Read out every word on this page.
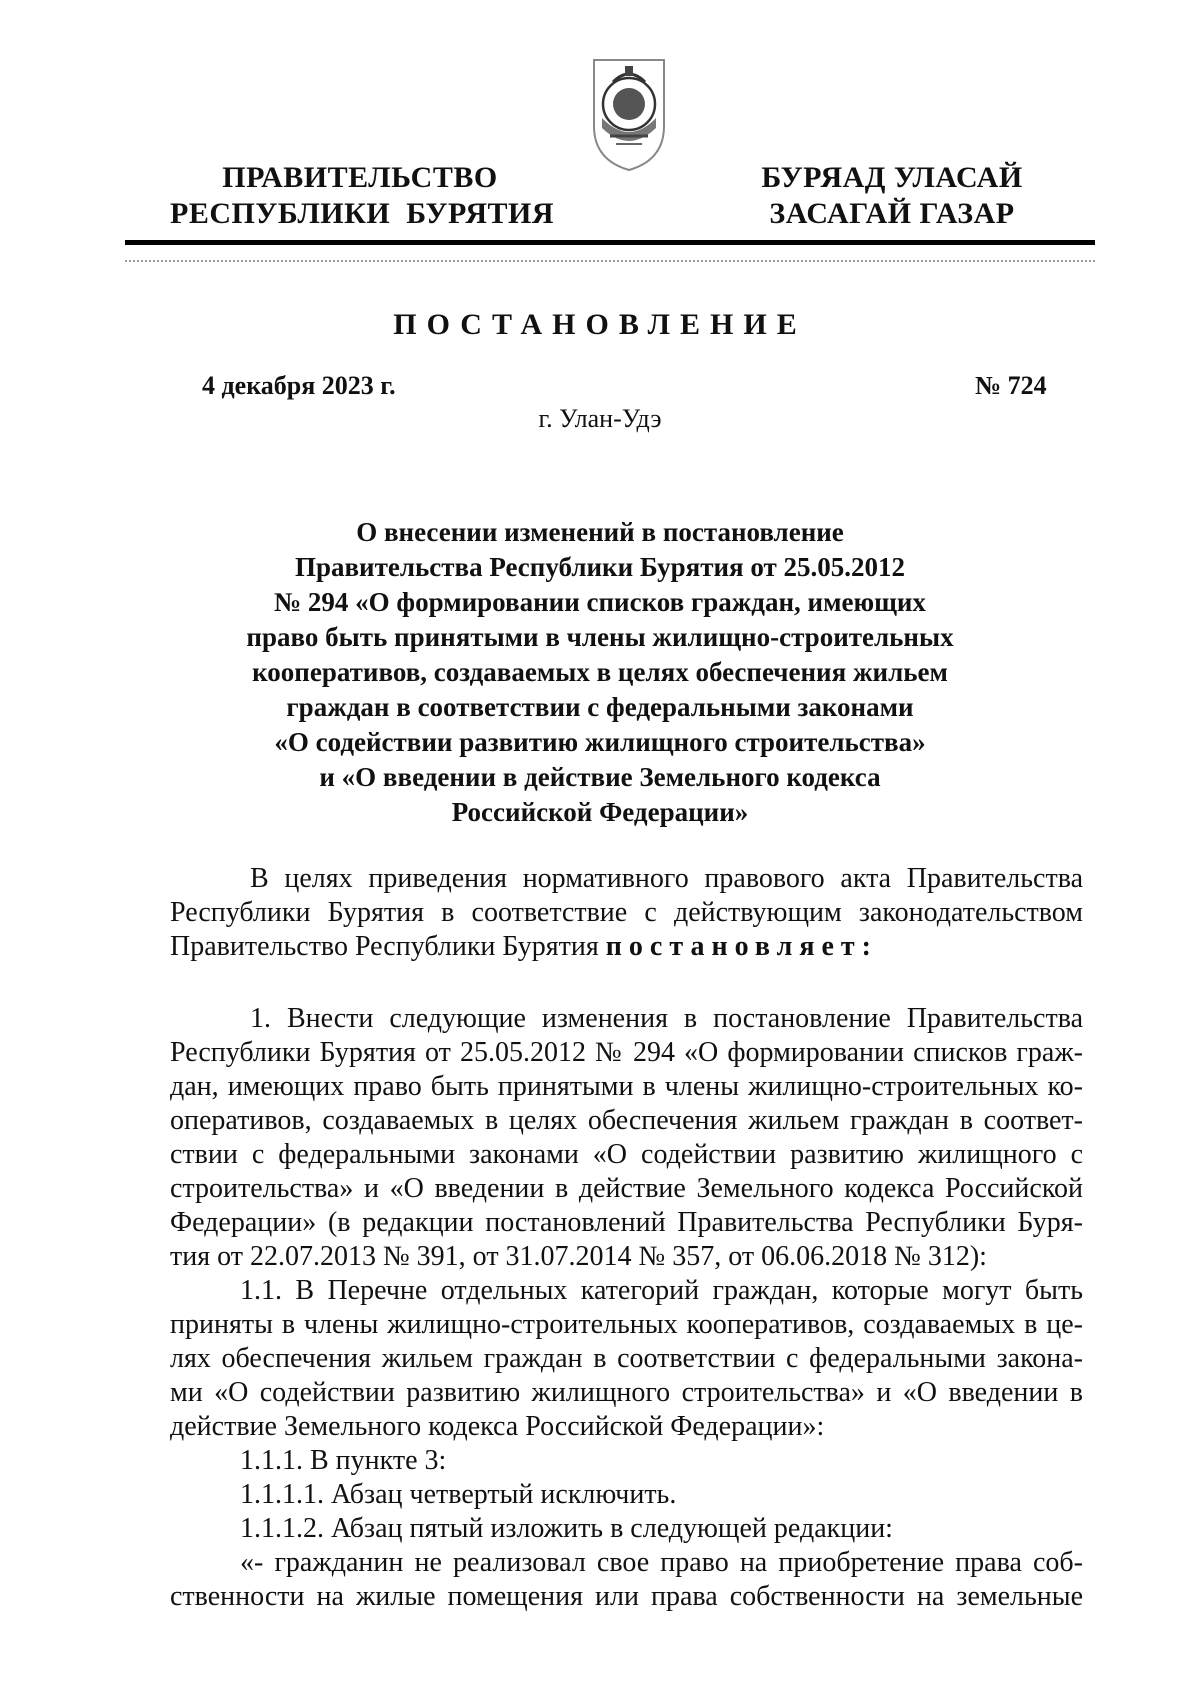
ПРАВИТЕЛЬСТВО
РЕСПУБЛИКИ  БУРЯТИЯ
БУРЯАД УЛАСАЙ
ЗАСАГАЙ ГАЗАР
ПОСТАНОВЛЕНИЕ
4 декабря 2023 г.	№ 724
г. Улан-Удэ
О внесении изменений в постановление
Правительства Республики Бурятия от 25.05.2012
№ 294 «О формировании списков граждан, имеющих
право быть принятыми в члены жилищно-строительных
кооперативов, создаваемых в целях обеспечения жильем
граждан в соответствии с федеральными законами
«О содействии развитию жилищного строительства»
и «О введении в действие Земельного кодекса
Российской Федерации»
В целях приведения нормативного правового акта Правительства
Республики Бурятия в соответствие с действующим законодательством
Правительство Республики Бурятия постановляет:
1. Внести следующие изменения в постановление Правительства
Республики Бурятия от 25.05.2012 № 294 «О формировании списков граж-
дан, имеющих право быть принятыми в члены жилищно-строительных ко-
оперативов, создаваемых в целях обеспечения жильем граждан в соответ-
ствии с федеральными законами «О содействии развитию жилищного с
строительства» и «О введении в действие Земельного кодекса Российской
Федерации» (в редакции постановлений Правительства Республики Буря-
тия от 22.07.2013 № 391, от 31.07.2014 № 357, от 06.06.2018 № 312):
1.1. В Перечне отдельных категорий граждан, которые могут быть
приняты в члены жилищно-строительных кооперативов, создаваемых в це-
лях обеспечения жильем граждан в соответствии с федеральными закона-
ми «О содействии развитию жилищного строительства» и «О введении в
действие Земельного кодекса Российской Федерации»:
1.1.1. В пункте 3:
1.1.1.1. Абзац четвертый исключить.
1.1.1.2. Абзац пятый изложить в следующей редакции:
«- гражданин не реализовал свое право на приобретение права соб-
ственности на жилые помещения или права собственности на земельные
